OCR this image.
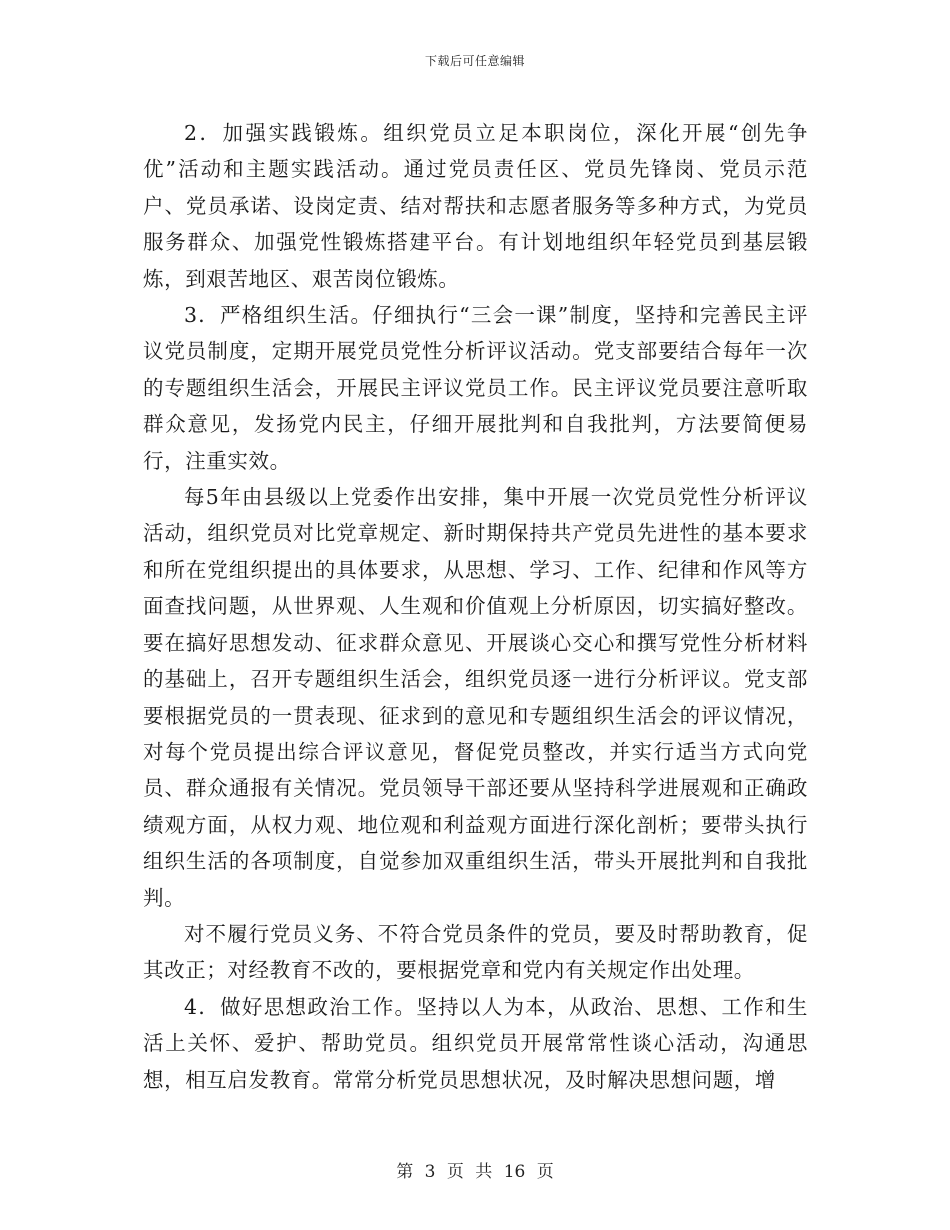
下载后可任意编辑

2．加强实践锻炼。组织党员立足本职岗位，深化开展“创先争优”活动和主题实践活动。通过党员责任区、党员先锋岗、党员示范户、党员承诺、设岗定责、结对帮扶和志愿者服务等多种方式，为党员服务群众、加强党性锻炼搭建平台。有计划地组织年轻党员到基层锻炼，到艰苦地区、艰苦岗位锻炼。

3．严格组织生活。仔细执行“三会一课”制度，坚持和完善民主评议党员制度，定期开展党员党性分析评议活动。党支部要结合每年一次的专题组织生活会，开展民主评议党员工作。民主评议党员要注意听取群众意见，发扬党内民主，仔细开展批判和自我批判，方法要简便易行，注重实效。

每5年由县级以上党委作出安排，集中开展一次党员党性分析评议活动，组织党员对比党章规定、新时期保持共产党员先进性的基本要求和所在党组织提出的具体要求，从思想、学习、工作、纪律和作风等方面查找问题，从世界观、人生观和价值观上分析原因，切实搞好整改。要在搞好思想发动、征求群众意见、开展谈心交心和撰写党性分析材料的基础上，召开专题组织生活会，组织党员逐一进行分析评议。党支部要根据党员的一贯表现、征求到的意见和专题组织生活会的评议情况，对每个党员提出综合评议意见，督促党员整改，并实行适当方式向党员、群众通报有关情况。党员领导干部还要从坚持科学进展观和正确政绩观方面，从权力观、地位观和利益观方面进行深化剖析；要带头执行组织生活的各项制度，自觉参加双重组织生活，带头开展批判和自我批判。

对不履行党员义务、不符合党员条件的党员，要及时帮助教育，促其改正；对经教育不改的，要根据党章和党内有关规定作出处理。

4．做好思想政治工作。坚持以人为本，从政治、思想、工作和生活上关怀、爱护、帮助党员。组织党员开展常常性谈心活动，沟通思想，相互启发教育。常常分析党员思想状况，及时解决思想问题，增

第 3 页 共 16 页
